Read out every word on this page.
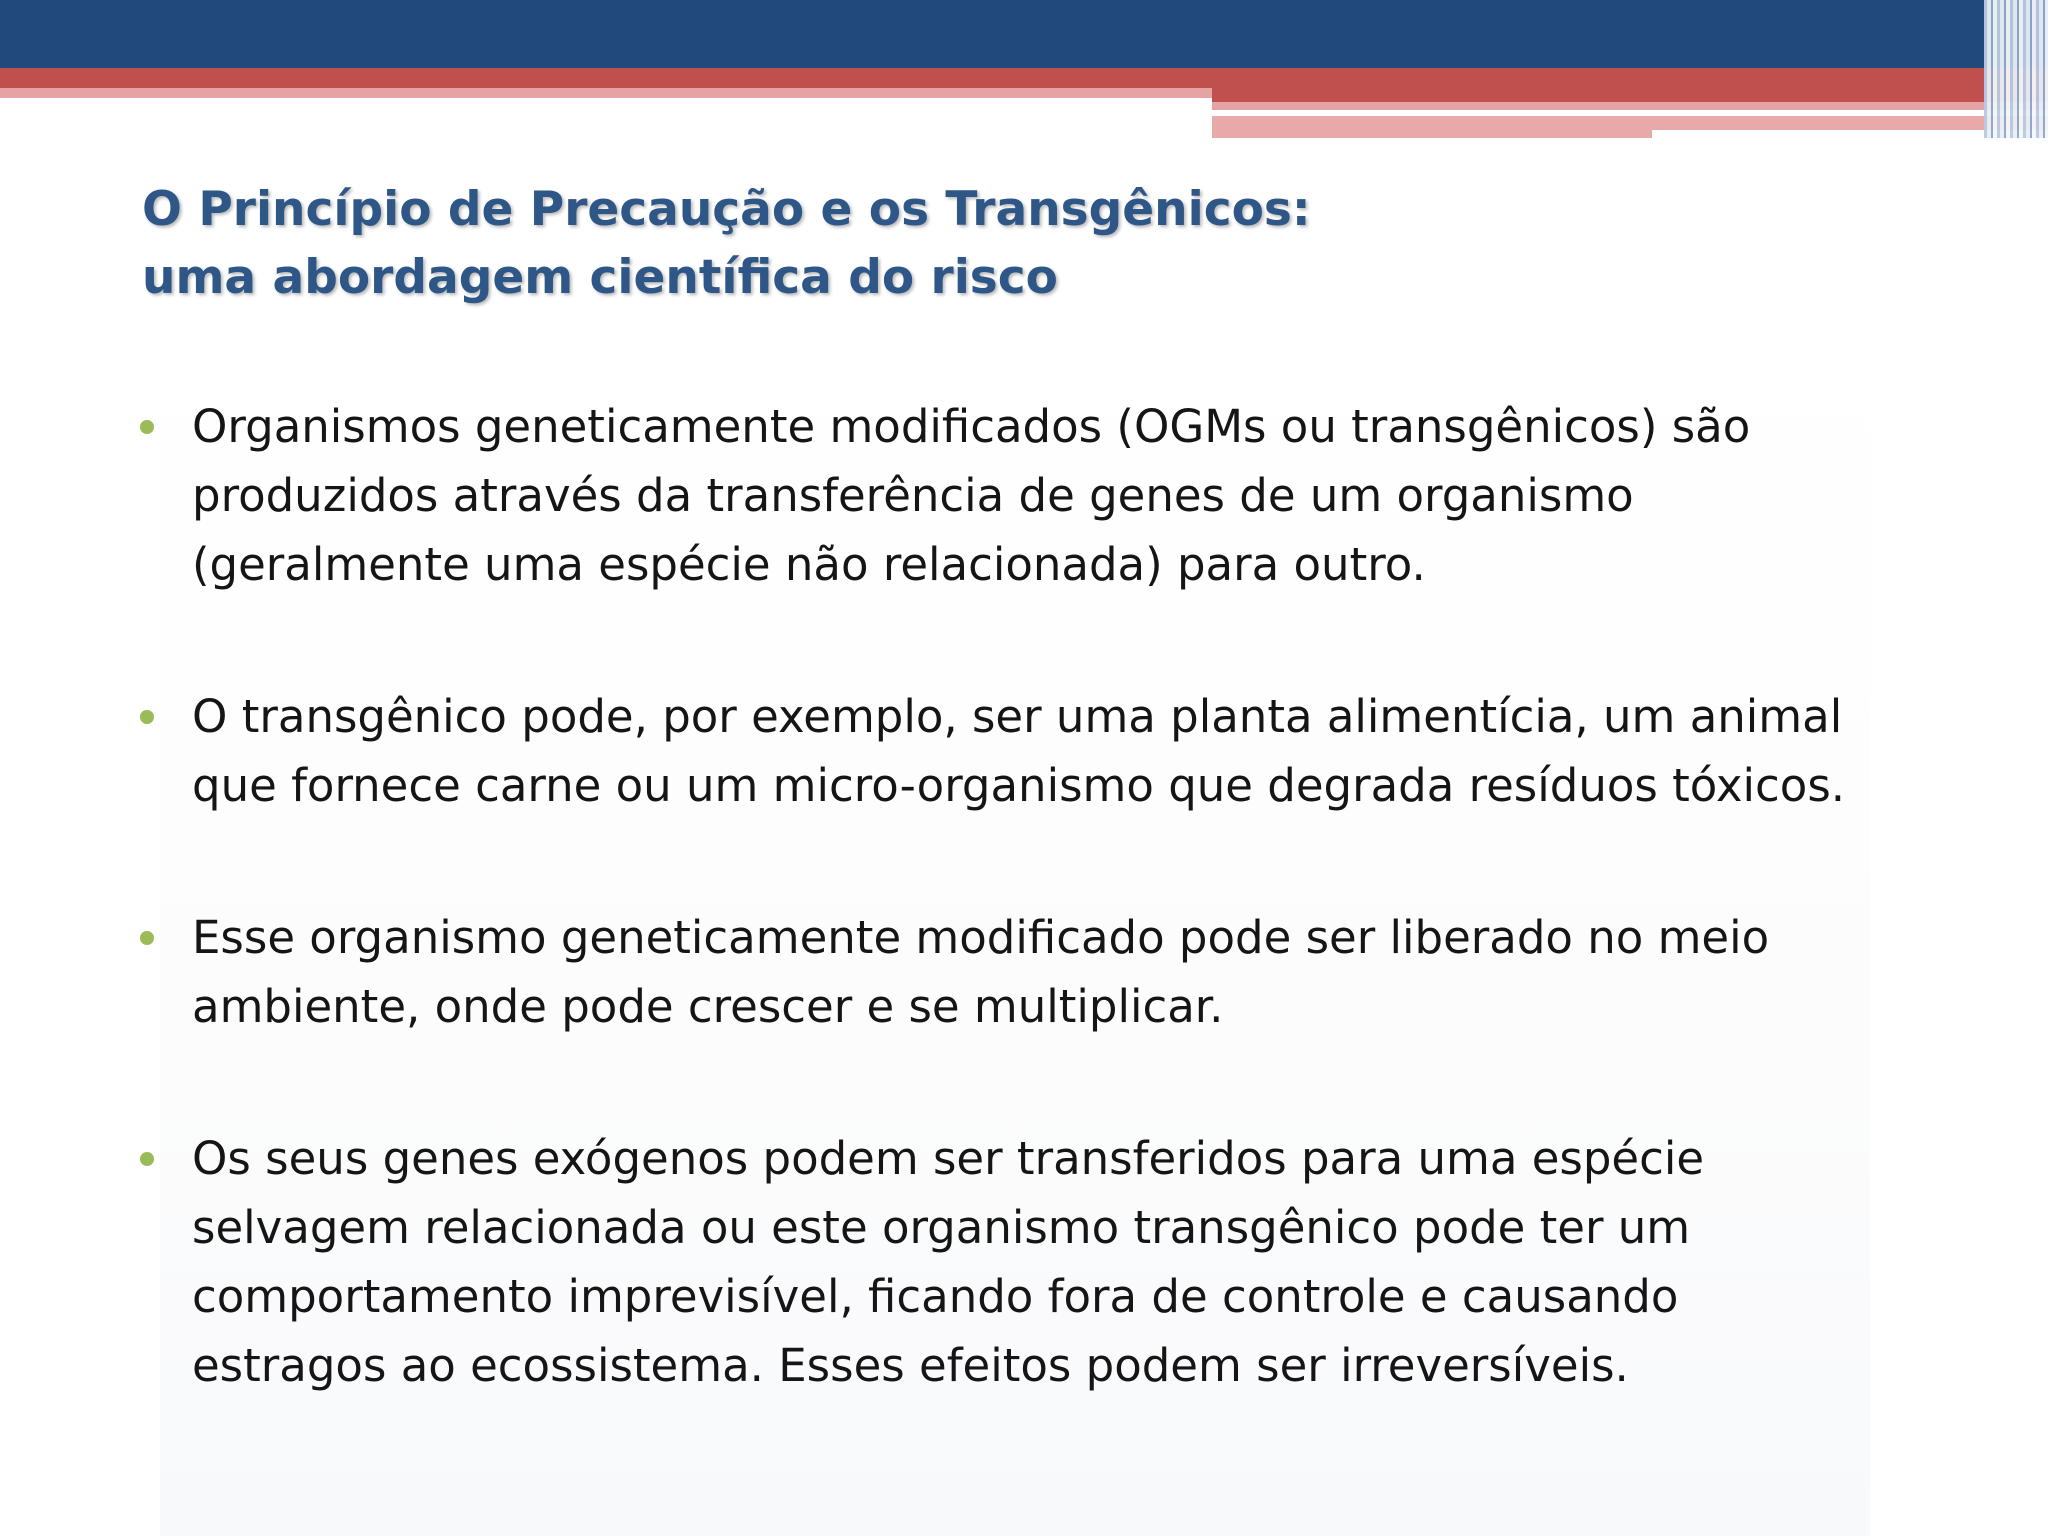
O Princípio de Precaução e os Transgênicos:
uma abordagem científica do risco
Organismos geneticamente modificados (OGMs ou transgênicos) são
produzidos através da transferência de genes de um organismo
(geralmente uma espécie não relacionada) para outro.
O transgênico pode, por exemplo, ser uma planta alimentícia, um animal
que fornece carne ou um micro-organismo que degrada resíduos tóxicos.
Esse organismo geneticamente modificado pode ser liberado no meio
ambiente, onde pode crescer e se multiplicar.
Os seus genes exógenos podem ser transferidos para uma espécie
selvagem relacionada ou este organismo transgênico pode ter um
comportamento imprevisível, ficando fora de controle e causando
estragos ao ecossistema. Esses efeitos podem ser irreversíveis.
